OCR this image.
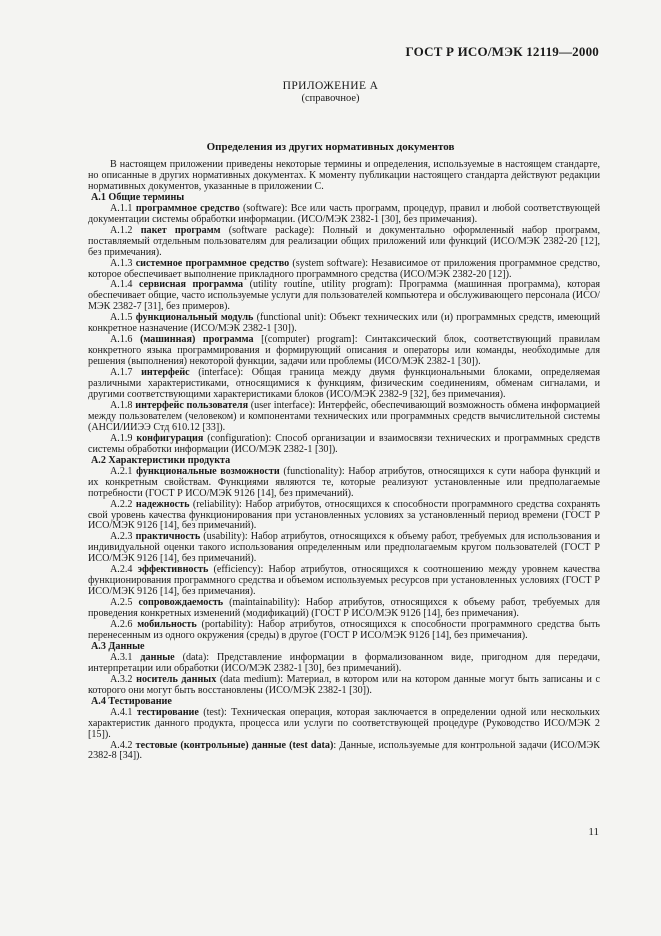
ГОСТ Р ИСО/МЭК 12119—2000
ПРИЛОЖЕНИЕ А
(справочное)
Определения из других нормативных документов

В настоящем приложении приведены некоторые термины и определения, используемые в настоящем стандарте, но описанные в других нормативных документах. К моменту публикации настоящего стандарта действуют редакции нормативных документов, указанные в приложении С.

А.1 Общие термины

А.1.1 программное средство (software): Все или часть программ, процедур, правил и любой соответствующей документации системы обработки информации. (ИСО/МЭК 2382-1 [30], без примечания).

А.1.2 пакет программ (software package): Полный и документально оформленный набор программ, поставляемый отдельным пользователям для реализации общих приложений или функций (ИСО/МЭК 2382-20 [12], без примечания).

А.1.3 системное программное средство (system software): Независимое от приложения программное средство, которое обеспечивает выполнение прикладного программного средства (ИСО/МЭК 2382-20 [12]).

А.1.4 сервисная программа (utility routine, utility program): Программа (машинная программа), которая обеспечивает общие, часто используемые услуги для пользователей компьютера и обслуживающего персонала (ИСО/МЭК 2382-7 [31], без примеров).

А.1.5 функциональный модуль (functional unit): Объект технических или (и) программных средств, имеющий конкретное назначение (ИСО/МЭК 2382-1 [30]).

А.1.6 (машинная) программа [(computer) program]: Синтаксический блок, соответствующий правилам конкретного языка программирования и формирующий описания и операторы или команды, необходимые для решения (выполнения) некоторой функции, задачи или проблемы (ИСО/МЭК 2382-1 [30]).

А.1.7 интерфейс (interface): Общая граница между двумя функциональными блоками, определяемая различными характеристиками, относящимися к функциям, физическим соединениям, обменам сигналами, и другими соответствующими характеристиками блоков (ИСО/МЭК 2382-9 [32], без примечания).

А.1.8 интерфейс пользователя (user interface): Интерфейс, обеспечивающий возможность обмена информацией между пользователем (человеком) и компонентами технических или программных средств вычислительной системы (АНСИ/ИИЭЭ Стд 610.12 [33]).

А.1.9 конфигурация (configuration): Способ организации и взаимосвязи технических и программных средств системы обработки информации (ИСО/МЭК 2382-1 [30]).

А.2 Характеристики продукта

А.2.1 функциональные возможности (functionality): Набор атрибутов, относящихся к сути набора функций и их конкретным свойствам. Функциями являются те, которые реализуют установленные или предполагаемые потребности (ГОСТ Р ИСО/МЭК 9126 [14], без примечаний).

А.2.2 надежность (reliability): Набор атрибутов, относящихся к способности программного средства сохранять свой уровень качества функционирования при установленных условиях за установленный период времени (ГОСТ Р ИСО/МЭК 9126 [14], без примечаний).

А.2.3 практичность (usability): Набор атрибутов, относящихся к объему работ, требуемых для использования и индивидуальной оценки такого использования определенным или предполагаемым кругом пользователей (ГОСТ Р ИСО/МЭК 9126 [14], без примечаний).

А.2.4 эффективность (efficiency): Набор атрибутов, относящихся к соотношению между уровнем качества функционирования программного средства и объемом используемых ресурсов при установленных условиях (ГОСТ Р ИСО/МЭК 9126 [14], без примечания).

А.2.5 сопровождаемость (maintainability): Набор атрибутов, относящихся к объему работ, требуемых для проведения конкретных изменений (модификаций) (ГОСТ Р ИСО/МЭК 9126 [14], без примечания).

А.2.6 мобильность (portability): Набор атрибутов, относящихся к способности программного средства быть перенесенным из одного окружения (среды) в другое (ГОСТ Р ИСО/МЭК 9126 [14], без примечания).

А.3 Данные

А.3.1 данные (data): Представление информации в формализованном виде, пригодном для передачи, интерпретации или обработки (ИСО/МЭК 2382-1 [30], без примечаний).

А.3.2 носитель данных (data medium): Материал, в котором или на котором данные могут быть записаны и с которого они могут быть восстановлены (ИСО/МЭК 2382-1 [30]).

А.4 Тестирование

А.4.1 тестирование (test): Техническая операция, которая заключается в определении одной или нескольких характеристик данного продукта, процесса или услуги по соответствующей процедуре (Руководство ИСО/МЭК 2 [15]).

А.4.2 тестовые (контрольные) данные (test data): Данные, используемые для контрольной задачи (ИСО/МЭК 2382-8 [34]).

11
